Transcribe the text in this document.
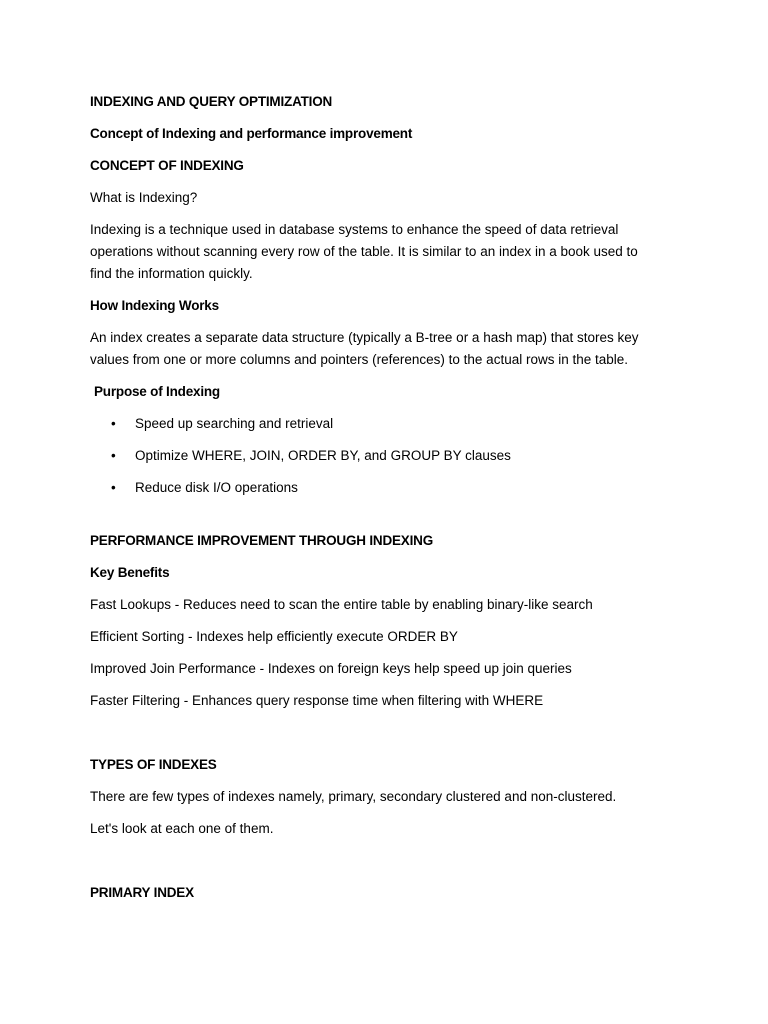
INDEXING AND QUERY OPTIMIZATION

Concept of Indexing and performance improvement

CONCEPT OF INDEXING

What is Indexing?

Indexing is a technique used in database systems to enhance the speed of data retrieval

operations without scanning every row of the table. It is similar to an index in a book used to

find the information quickly.

How Indexing Works

An index creates a separate data structure (typically a B-tree or a hash map) that stores key

values from one or more columns and pointers (references) to the actual rows in the table.

Purpose of Indexing

• Speed up searching and retrieval
• Optimize WHERE, JOIN, ORDER BY, and GROUP BY clauses
• Reduce disk I/O operations

PERFORMANCE IMPROVEMENT THROUGH INDEXING

Key Benefits

Fast Lookups - Reduces need to scan the entire table by enabling binary-like search

Efficient Sorting - Indexes help efficiently execute ORDER BY

Improved Join Performance - Indexes on foreign keys help speed up join queries

Faster Filtering - Enhances query response time when filtering with WHERE

TYPES OF INDEXES

There are few types of indexes namely, primary, secondary clustered and non-clustered.

Let's look at each one of them.

PRIMARY INDEX
